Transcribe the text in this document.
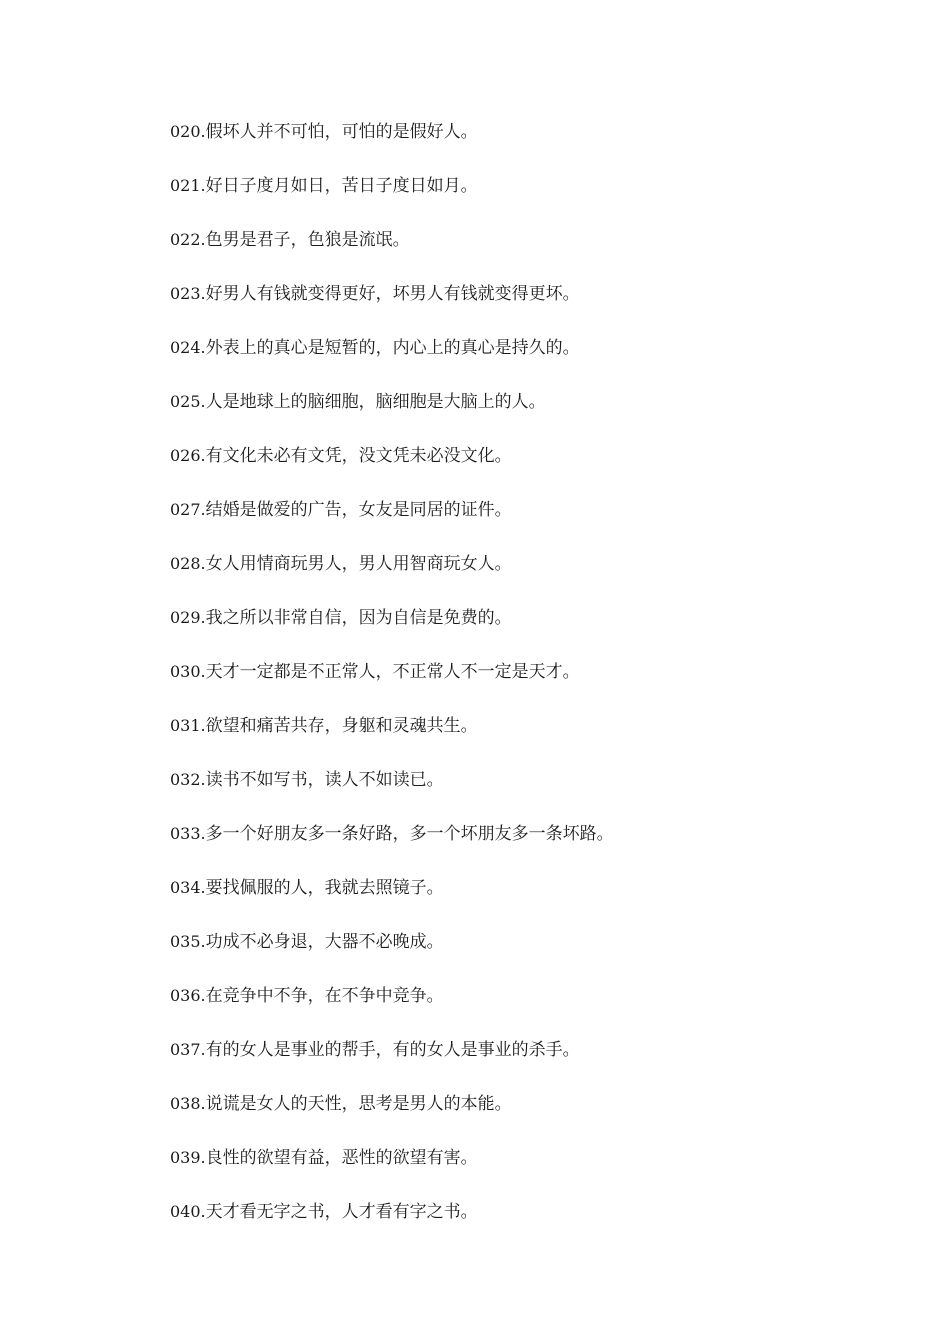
020.假坏人并不可怕，可怕的是假好人。
021.好日子度月如日，苦日子度日如月。
022.色男是君子，色狼是流氓。
023.好男人有钱就变得更好，坏男人有钱就变得更坏。
024.外表上的真心是短暂的，内心上的真心是持久的。
025.人是地球上的脑细胞，脑细胞是大脑上的人。
026.有文化未必有文凭，没文凭未必没文化。
027.结婚是做爱的广告，女友是同居的证件。
028.女人用情商玩男人，男人用智商玩女人。
029.我之所以非常自信，因为自信是免费的。
030.天才一定都是不正常人，不正常人不一定是天才。
031.欲望和痛苦共存，身躯和灵魂共生。
032.读书不如写书，读人不如读已。
033.多一个好朋友多一条好路，多一个坏朋友多一条坏路。
034.要找佩服的人，我就去照镜子。
035.功成不必身退，大器不必晚成。
036.在竞争中不争，在不争中竞争。
037.有的女人是事业的帮手，有的女人是事业的杀手。
038.说谎是女人的天性，思考是男人的本能。
039.良性的欲望有益，恶性的欲望有害。
040.天才看无字之书，人才看有字之书。
